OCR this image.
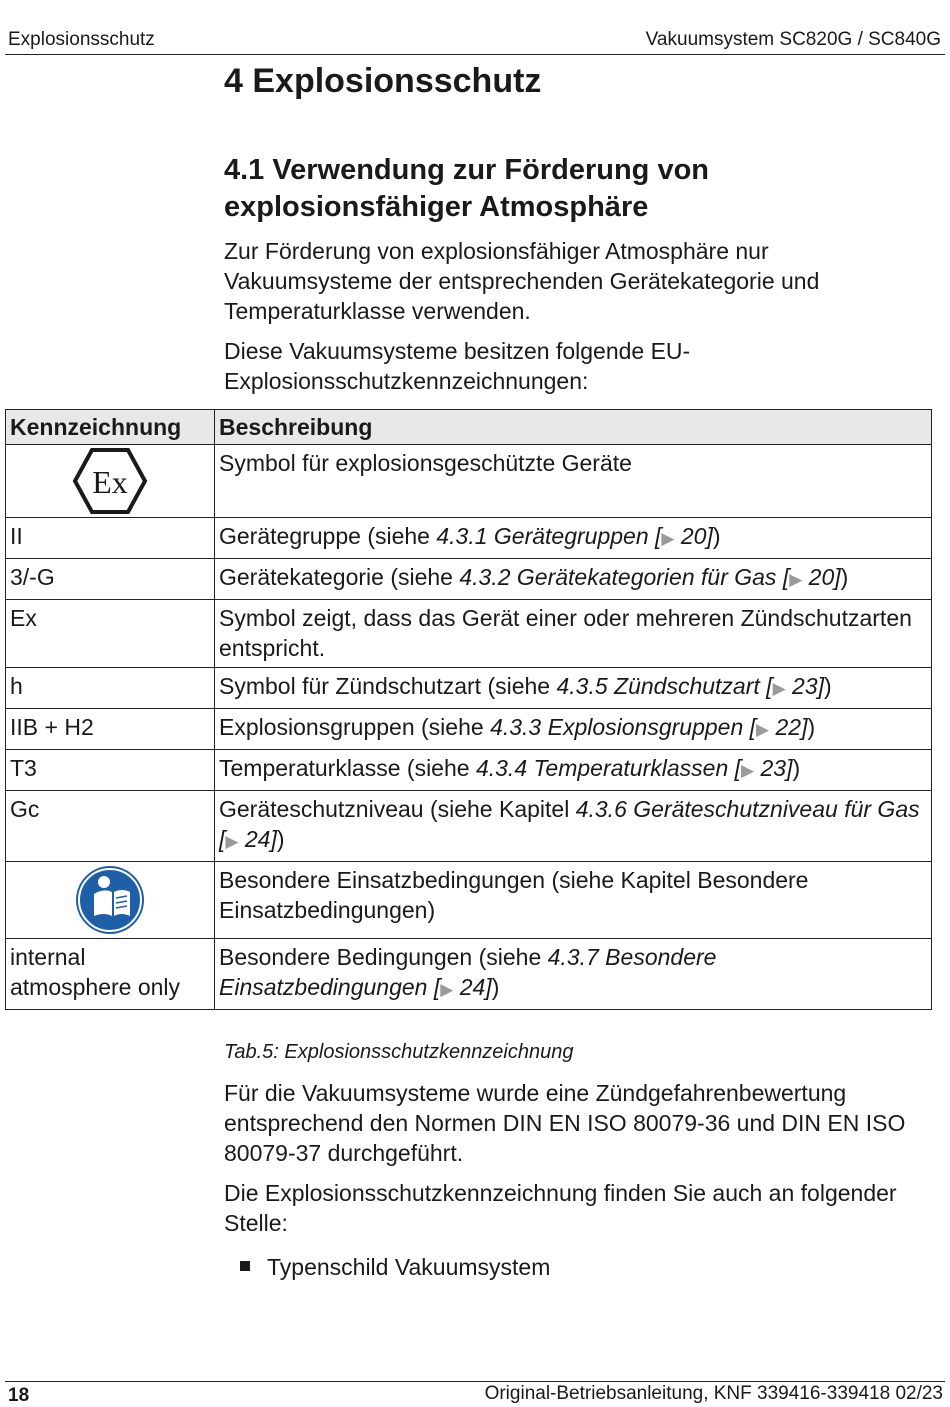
Explosionsschutz	Vakuumsystem SC820G / SC840G
4 Explosionsschutz
4.1 Verwendung zur Förderung von
explosionsfähiger Atmosphäre

Zur Förderung von explosionsfähiger Atmosphäre nur Vakuumsysteme der entsprechenden Gerätekategorie und Temperaturklasse verwenden.

Diese Vakuumsysteme besitzen folgende EU-Explosionsschutzkennzeichnungen:

Kennzeichnung	Beschreibung

Ex	Symbol für explosionsgeschützte Geräte
II	Gerätegruppe (siehe 4.3.1 Gerätegruppen [▶ 20])
3/-G	Gerätekategorie (siehe 4.3.2 Gerätekategorien für Gas [▶ 20])
Ex	Symbol zeigt, dass das Gerät einer oder mehreren Zündschutzarten entspricht.
h	Symbol für Zündschutzart (siehe 4.3.5 Zündschutzart [▶ 23])
IIB + H2	Explosionsgruppen (siehe 4.3.3 Explosionsgruppen [▶ 22])
T3	Temperaturklasse (siehe 4.3.4 Temperaturklassen [▶ 23])
Gc	Geräteschutzniveau (siehe Kapitel 4.3.6 Geräteschutzniveau für Gas [▶ 24])

	Besondere Einsatzbedingungen (siehe Kapitel Besondere Einsatzbedingungen)
internal atmosphere only	Besondere Bedingungen (siehe 4.3.7 Besondere Einsatzbedingungen [▶ 24])
Tab.5: Explosionsschutzkennzeichnung

Für die Vakuumsysteme wurde eine Zündgefahrenbewertung entsprechend den Normen DIN EN ISO 80079-36 und DIN EN ISO 80079-37 durchgeführt.

Die Explosionsschutzkennzeichnung finden Sie auch an folgender Stelle:

Typenschild Vakuumsystem
18	Original-Betriebsanleitung, KNF 339416-339418 02/23
